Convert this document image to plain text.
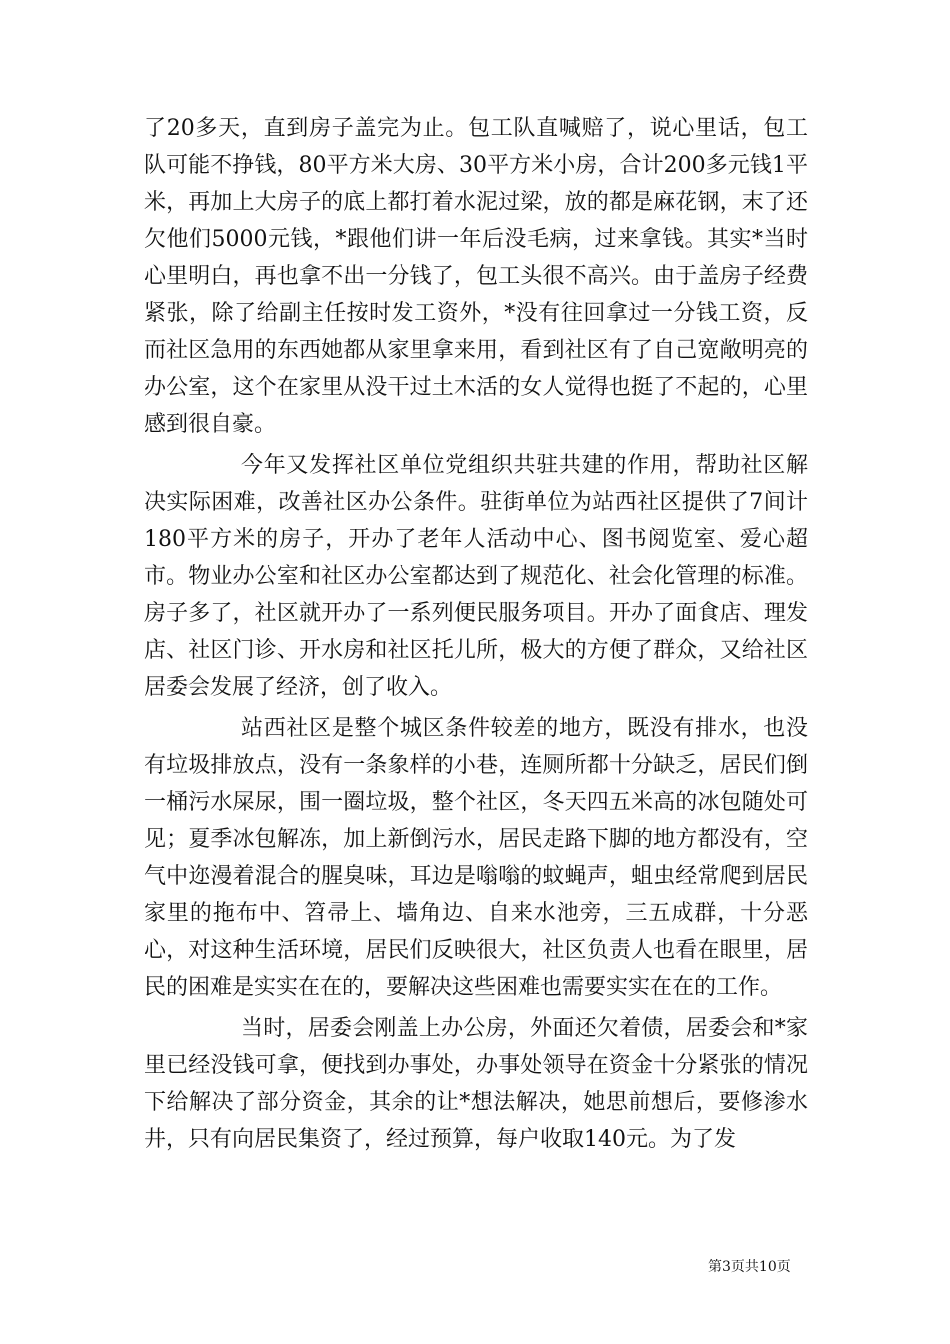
了20多天，直到房子盖完为止。包工队直喊赔了，说心里话，包工队可能不挣钱，80平方米大房、30平方米小房，合计200多元钱1平米，再加上大房子的底上都打着水泥过梁，放的都是麻花钢，末了还欠他们5000元钱，*跟他们讲一年后没毛病，过来拿钱。其实*当时心里明白，再也拿不出一分钱了，包工头很不高兴。由于盖房子经费紧张，除了给副主任按时发工资外，*没有往回拿过一分钱工资，反而社区急用的东西她都从家里拿来用，看到社区有了自己宽敞明亮的办公室，这个在家里从没干过土木活的女人觉得也挺了不起的，心里感到很自豪。

今年又发挥社区单位党组织共驻共建的作用，帮助社区解决实际困难，改善社区办公条件。驻街单位为站西社区提供了7间计180平方米的房子，开办了老年人活动中心、图书阅览室、爱心超市。物业办公室和社区办公室都达到了规范化、社会化管理的标准。房子多了，社区就开办了一系列便民服务项目。开办了面食店、理发店、社区门诊、开水房和社区托儿所，极大的方便了群众，又给社区居委会发展了经济，创了收入。

站西社区是整个城区条件较差的地方，既没有排水，也没有垃圾排放点，没有一条象样的小巷，连厕所都十分缺乏，居民们倒一桶污水屎尿，围一圈垃圾，整个社区，冬天四五米高的冰包随处可见；夏季冰包解冻，加上新倒污水，居民走路下脚的地方都没有，空气中迩漫着混合的腥臭味，耳边是嗡嗡的蚊蝇声，蛆虫经常爬到居民家里的拖布中、笤帚上、墙角边、自来水池旁，三五成群，十分恶心，对这种生活环境，居民们反映很大，社区负责人也看在眼里，居民的困难是实实在在的，要解决这些困难也需要实实在在的工作。

当时，居委会刚盖上办公房，外面还欠着债，居委会和*家里已经没钱可拿，便找到办事处，办事处领导在资金十分紧张的情况下给解决了部分资金，其余的让*想法解决，她思前想后，要修渗水井，只有向居民集资了，经过预算，每户收取140元。为了发

第3页共10页
